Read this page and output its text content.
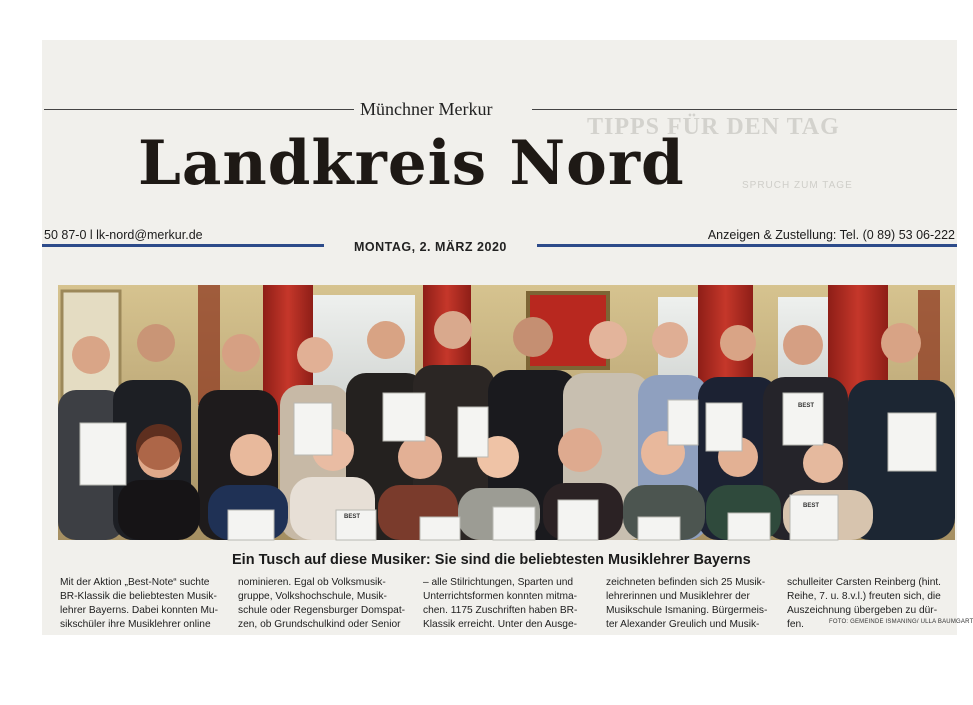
TIPPS FÜR DEN TAG
SPRUCH ZUM TAGE
Münchner Merkur
Landkreis Nord
50 87-0 l lk-nord@merkur.de	Anzeigen & Zustellung: Tel. (0 89) 53 06-222
MONTAG, 2. MÄRZ 2020
BEST
BEST
BEST
Ein Tusch auf diese Musiker: Sie sind die beliebtesten Musiklehrer Bayerns
Mit der Aktion „Best-Note“ suchte
BR-Klassik die beliebtesten Musik-
lehrer Bayerns. Dabei konnten Mu-
sikschüler ihre Musiklehrer online
nominieren. Egal ob Volksmusik-
gruppe, Volkshochschule, Musik-
schule oder Regensburger Domspat-
zen, ob Grundschulkind oder Senior
– alle Stilrichtungen, Sparten und
Unterrichtsformen konnten mitma-
chen. 1175 Zuschriften haben BR-
Klassik erreicht. Unter den Ausge-
zeichneten befinden sich 25 Musik-
lehrerinnen und Musiklehrer der
Musikschule Ismaning. Bürgermeis-
ter Alexander Greulich und Musik-
schulleiter Carsten Reinberg (hint.
Reihe, 7. u. 8.v.l.) freuten sich, die
Auszeichnung übergeben zu dür-
fen.	FOTO: GEMEINDE ISMANING/ ULLA BAUMGART
